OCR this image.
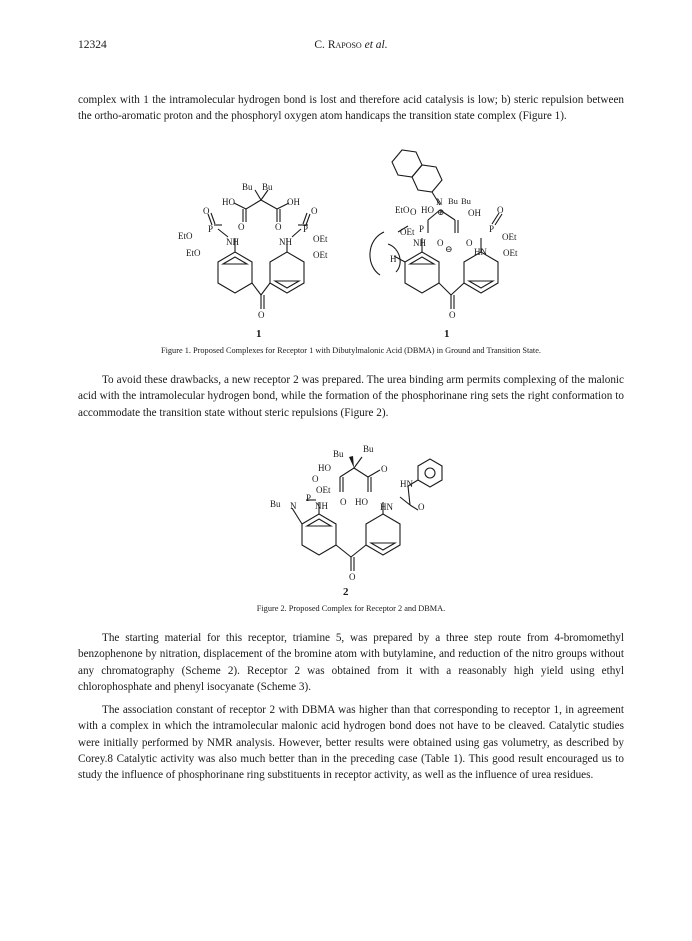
12324	C. Raposo et al.

complex with 1 the intramolecular hydrogen bond is lost and therefore acid catalysis is low; b) steric repulsion between the ortho-aromatic proton and the phosphoryl oxygen atom handicaps the transition state complex (Figure 1).

Bu Bu
HO	OH
O	O
O	O
P	P
EtO	OEt
EtO	OEt
NH	NH
O
EtO
OEt
O HO
N
⊕
Bu Bu
OH O
P	P
OEt
OEt
NH O
⊖
O
HN
H
O
1	1
Figure 1. Proposed Complexes for Receptor 1 with Dibutylmalonic Acid (DBMA) in Ground and Transition State.

To avoid these drawbacks, a new receptor 2 was prepared. The urea binding arm permits complexing of the malonic acid with the intramolecular hydrogen bond, while the formation of the phosphorinane ring sets the right conformation to accommodate the transition state without steric repulsions (Figure 2).

Bu Bu
HO
O
O
HN
OEt
P
Bu N NH O HO HN	O
O
2
Figure 2. Proposed Complex for Receptor 2 and DBMA.

The starting material for this receptor, triamine 5, was prepared by a three step route from 4-bromomethyl benzophenone by nitration, displacement of the bromine atom with butylamine, and reduction of the nitro groups without any chromatography (Scheme 2). Receptor 2 was obtained from it with a reasonably high yield using ethyl chlorophosphate and phenyl isocyanate (Scheme 3).

The association constant of receptor 2 with DBMA was higher than that corresponding to receptor 1, in agreement with a complex in which the intramolecular malonic acid hydrogen bond does not have to be cleaved. Catalytic studies were initially performed by NMR analysis. However, better results were obtained using gas volumetry, as described by Corey.8 Catalytic activity was also much better than in the preceding case (Table 1). This good result encouraged us to study the influence of phosphorinane ring substituents in receptor activity, as well as the influence of urea residues.
